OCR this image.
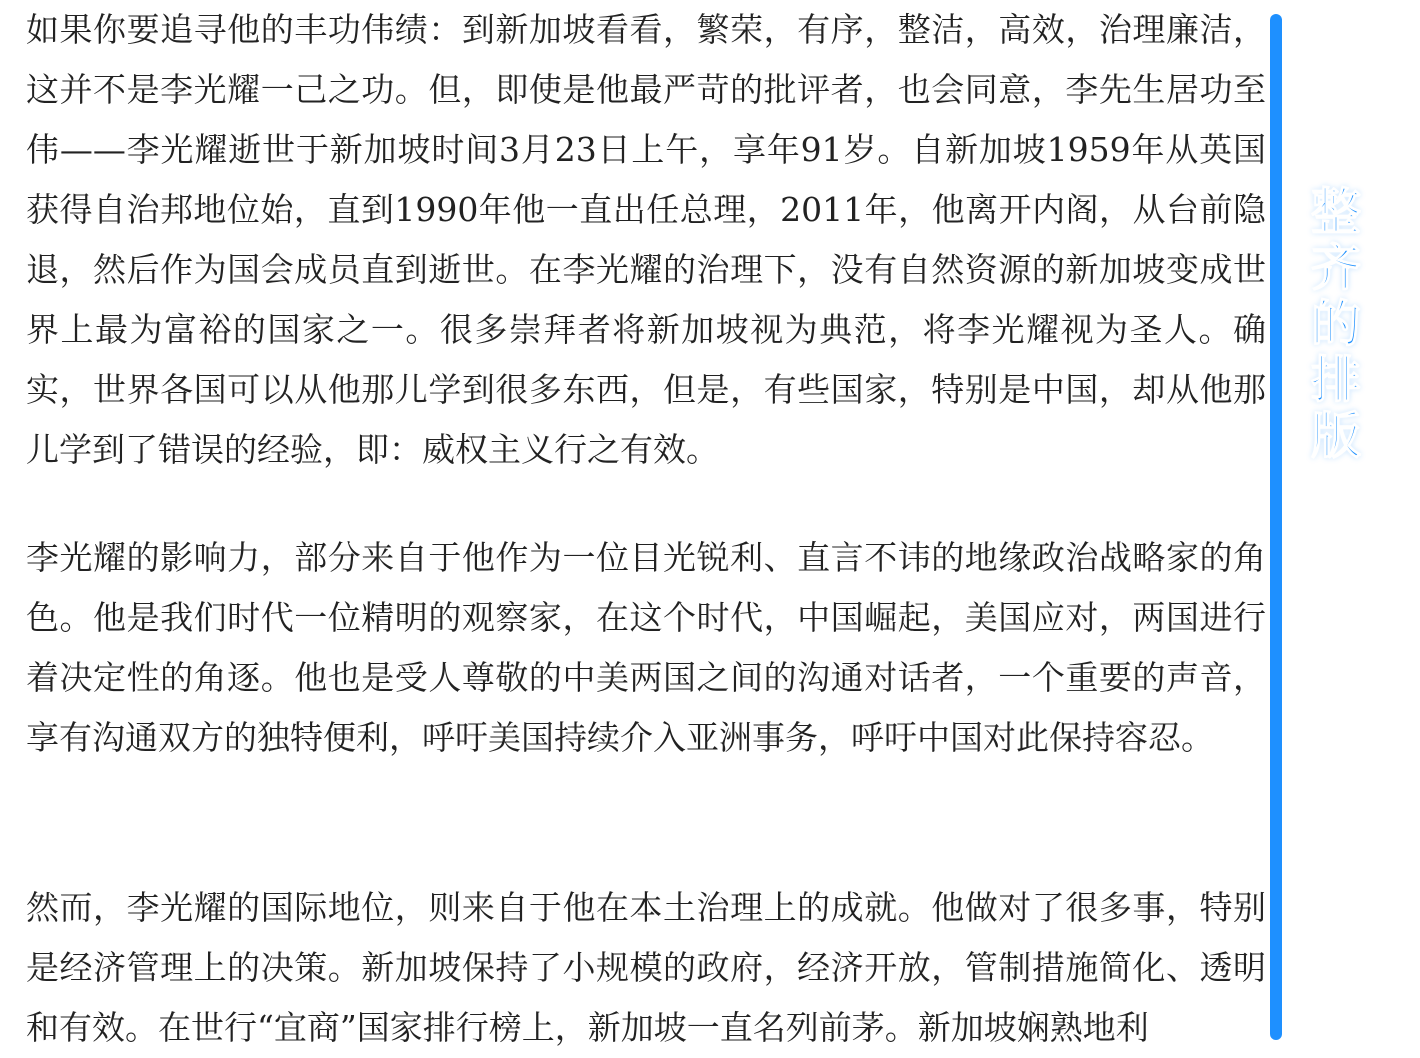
如果你要追寻他的丰功伟绩：到新加坡看看，繁荣，有序，整洁，高效，治理廉洁，这并不是李光耀一己之功。但，即使是他最严苛的批评者，也会同意，李先生居功至伟——李光耀逝世于新加坡时间3月23日上午，享年91岁。自新加坡1959年从英国获得自治邦地位始，直到1990年他一直出任总理，2011年，他离开内阁，从台前隐退，然后作为国会成员直到逝世。在李光耀的治理下，没有自然资源的新加坡变成世界上最为富裕的国家之一。很多崇拜者将新加坡视为典范，将李光耀视为圣人。确实，世界各国可以从他那儿学到很多东西，但是，有些国家，特别是中国，却从他那儿学到了错误的经验，即：威权主义行之有效。

李光耀的影响力，部分来自于他作为一位目光锐利、直言不讳的地缘政治战略家的角色。他是我们时代一位精明的观察家，在这个时代，中国崛起，美国应对，两国进行着决定性的角逐。他也是受人尊敬的中美两国之间的沟通对话者，一个重要的声音，享有沟通双方的独特便利，呼吁美国持续介入亚洲事务，呼吁中国对此保持容忍。

然而，李光耀的国际地位，则来自于他在本土治理上的成就。他做对了很多事，特别是经济管理上的决策。新加坡保持了小规模的政府，经济开放，管制措施简化、透明和有效。在世行“宜商”国家排行榜上，新加坡一直名列前茅。新加坡娴熟地利

整齐的排版
